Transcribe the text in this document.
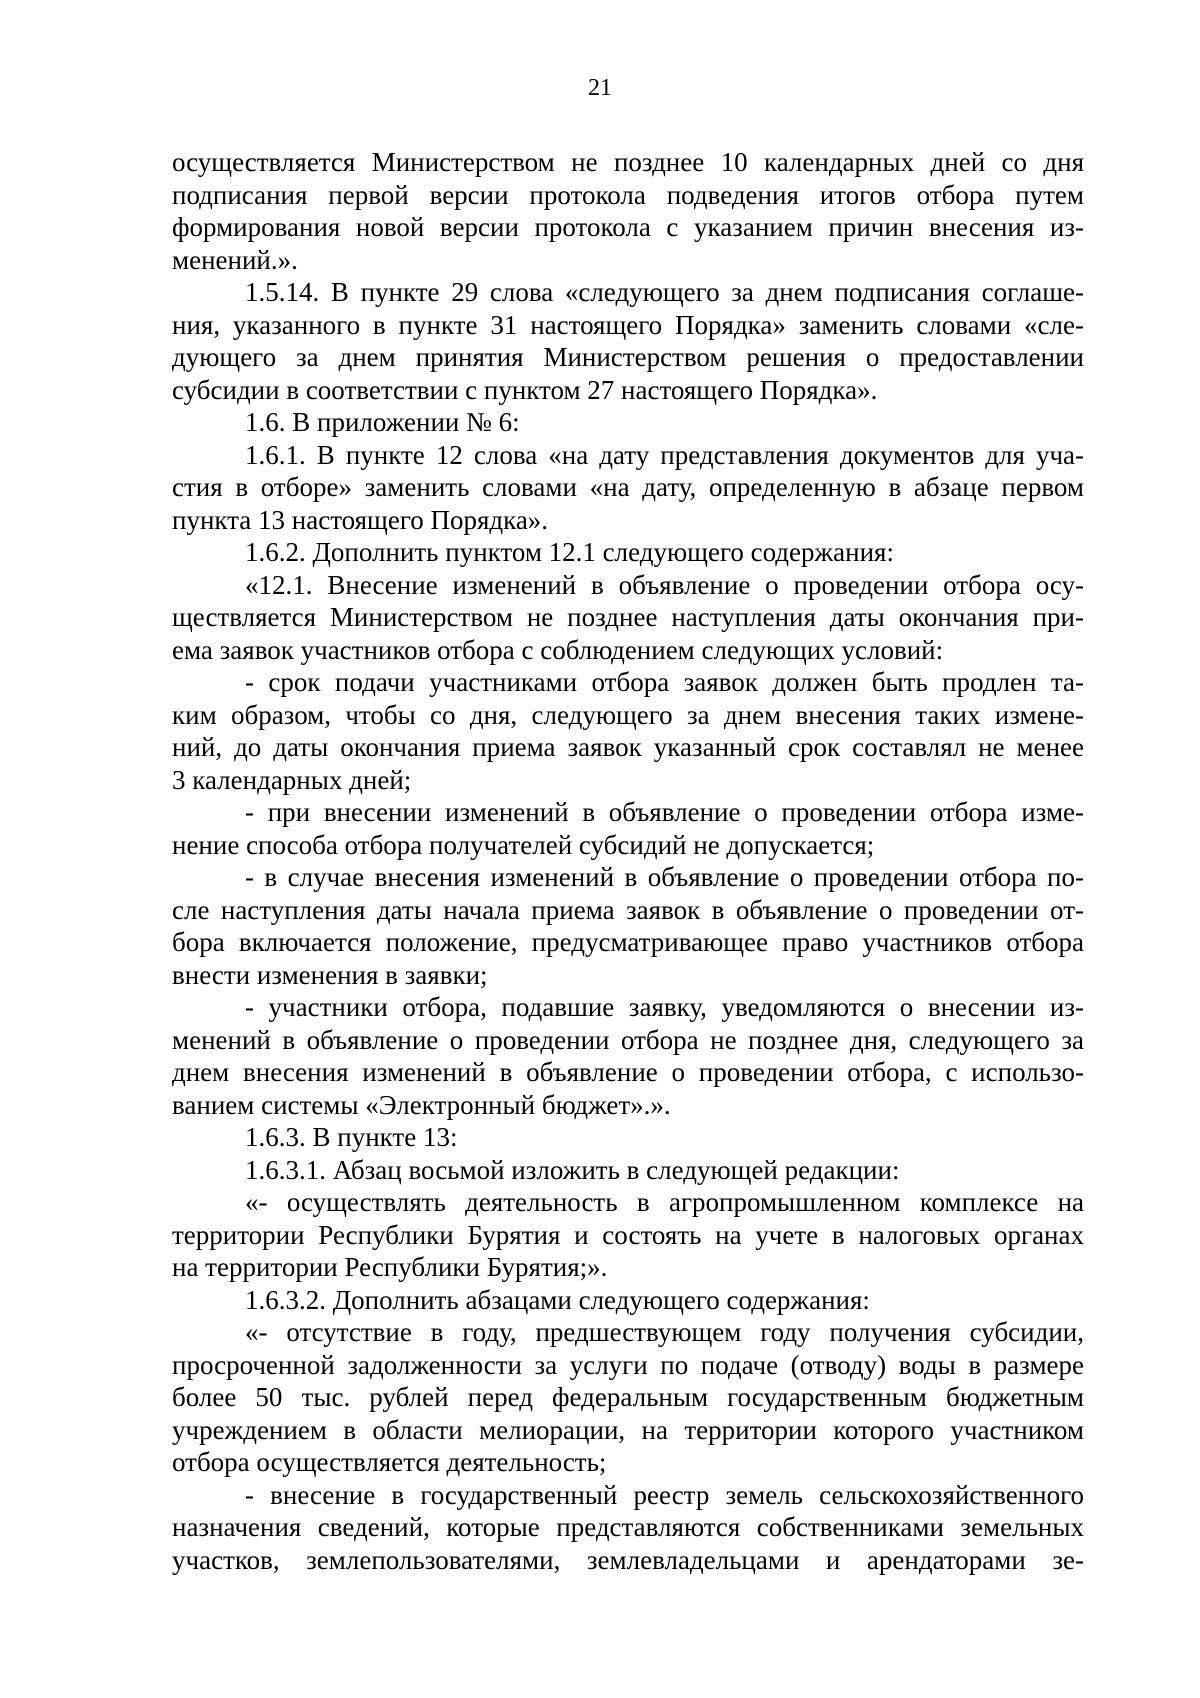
21
осуществляется Министерством не позднее 10 календарных дней со дня
подписания первой версии протокола подведения итогов отбора путем
формирования новой версии протокола с указанием причин внесения из-
менений.».
1.5.14. В пункте 29 слова «следующего за днем подписания соглаше-
ния, указанного в пункте 31 настоящего Порядка» заменить словами «сле-
дующего за днем принятия Министерством решения о предоставлении
субсидии в соответствии с пунктом 27 настоящего Порядка».
1.6. В приложении № 6:
1.6.1. В пункте 12 слова «на дату представления документов для уча-
стия в отборе» заменить словами «на дату, определенную в абзаце первом
пункта 13 настоящего Порядка».
1.6.2. Дополнить пунктом 12.1 следующего содержания:
«12.1. Внесение изменений в объявление о проведении отбора осу-
ществляется Министерством не позднее наступления даты окончания при-
ема заявок участников отбора с соблюдением следующих условий:
- срок подачи участниками отбора заявок должен быть продлен та-
ким образом, чтобы со дня, следующего за днем внесения таких измене-
ний, до даты окончания приема заявок указанный срок составлял не менее
3 календарных дней;
- при внесении изменений в объявление о проведении отбора изме-
нение способа отбора получателей субсидий не допускается;
- в случае внесения изменений в объявление о проведении отбора по-
сле наступления даты начала приема заявок в объявление о проведении от-
бора включается положение, предусматривающее право участников отбора
внести изменения в заявки;
- участники отбора, подавшие заявку, уведомляются о внесении из-
менений в объявление о проведении отбора не позднее дня, следующего за
днем внесения изменений в объявление о проведении отбора, с использо-
ванием системы «Электронный бюджет».».
1.6.3. В пункте 13:
1.6.3.1. Абзац восьмой изложить в следующей редакции:
«- осуществлять деятельность в агропромышленном комплексе на
территории Республики Бурятия и состоять на учете в налоговых органах
на территории Республики Бурятия;».
1.6.3.2. Дополнить абзацами следующего содержания:
«- отсутствие в году, предшествующем году получения субсидии,
просроченной задолженности за услуги по подаче (отводу) воды в размере
более 50 тыс. рублей перед федеральным государственным бюджетным
учреждением в области мелиорации, на территории которого участником
отбора осуществляется деятельность;
- внесение в государственный реестр земель сельскохозяйственного
назначения сведений, которые представляются собственниками земельных
участков, землепользователями, землевладельцами и арендаторами зе-
